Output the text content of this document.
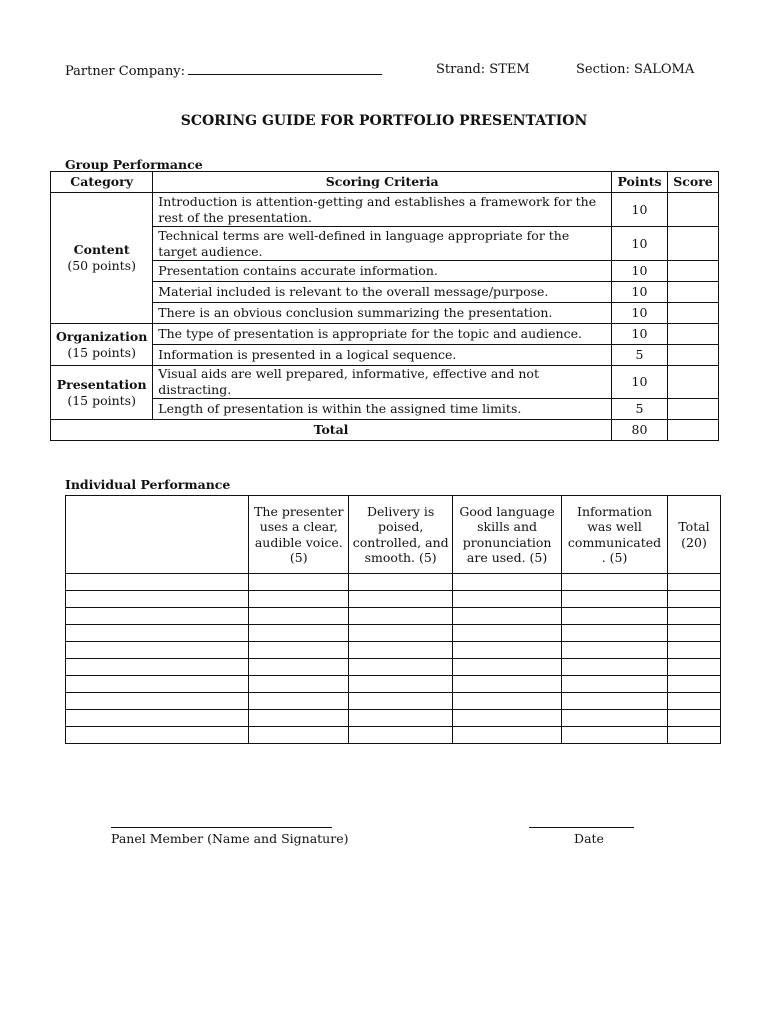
Partner Company:	Strand: STEM	Section: SALOMA
SCORING GUIDE FOR PORTFOLIO PRESENTATION
Group Performance
Category	Scoring Criteria	Points	Score
Content
(50 points)	Introduction is attention-getting and establishes a framework for the rest of the presentation.	10	
	Technical terms are well-defined in language appropriate for the target audience.	10	
	Presentation contains accurate information.	10	
	Material included is relevant to the overall message/purpose.	10	
	There is an obvious conclusion summarizing the presentation.	10	
Organization
(15 points)	The type of presentation is appropriate for the topic and audience.	10	
	Information is presented in a logical sequence.	5	
Presentation
(15 points)	Visual aids are well prepared, informative, effective and not distracting.	10	
	Length of presentation is within the assigned time limits.	5	
Total		80	
Individual Performance
	The presenter uses a clear, audible voice. (5)	Delivery is poised, controlled, and smooth. (5)	Good language skills and pronunciation are used. (5)	Information was well communicated . (5)	Total (20)

Panel Member (Name and Signature)	Date
